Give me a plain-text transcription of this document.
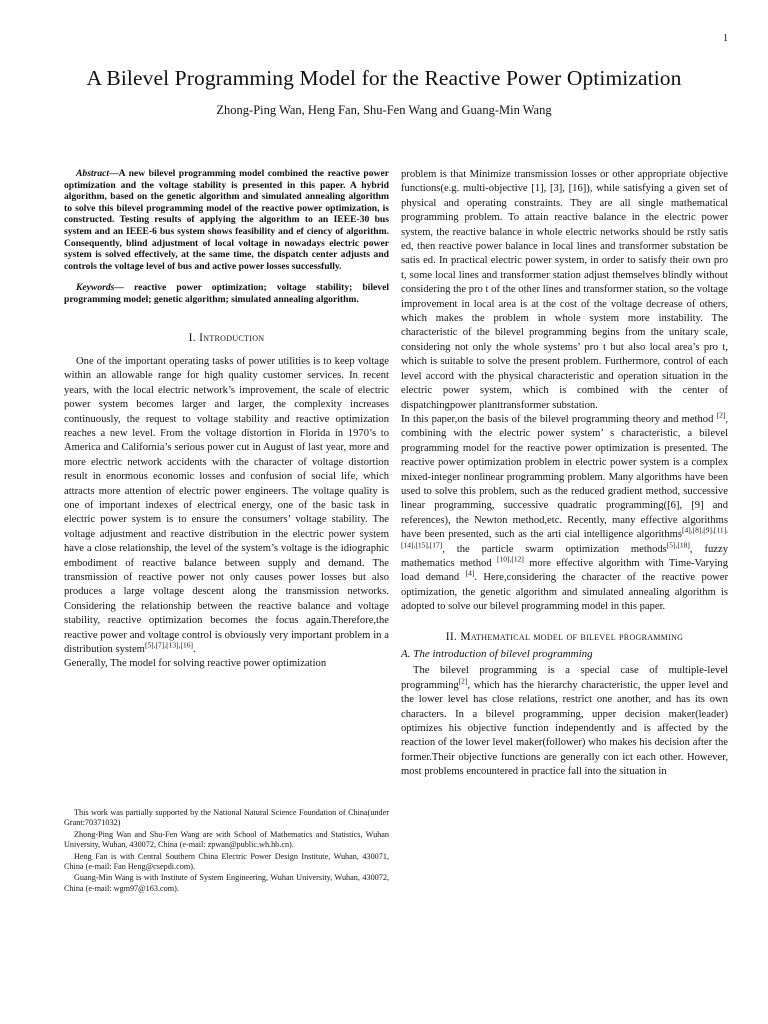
1
A Bilevel Programming Model for the Reactive Power Optimization
Zhong-Ping Wan, Heng Fan, Shu-Fen Wang and Guang-Min Wang

Abstract—A new bilevel programming model combined the reactive power optimization and the voltage stability is presented in this paper. A hybrid algorithm, based on the genetic algorithm and simulated annealing algorithm to solve this bilevel programming model of the reactive power optimization, is constructed. Testing results of applying the algorithm to an IEEE-30 bus system and an IEEE-6 bus system shows feasibility and ef ciency of algorithm. Consequently, blind adjustment of local voltage in nowadays electric power system is solved effectively, at the same time, the dispatch center adjusts and controls the voltage level of bus and active power losses successfully.

Keywords— reactive power optimization; voltage stability; bilevel programming model; genetic algorithm; simulated annealing algorithm.

I. Introduction

One of the important operating tasks of power utilities is to keep voltage within an allowable range for high quality customer services. In recent years, with the local electric network’s improvement, the scale of electric power system becomes larger and larger, the complexity increases continuously, the request to voltage stability and reactive optimization reaches a new level. From the voltage distortion in Florida in 1970’s to America and California’s serious power cut in August of last year, more and more electric network accidents with the character of voltage distortion result in enormous economic losses and confusion of social life, which attracts more attention of electric power engineers. The voltage quality is one of important indexes of electrical energy, one of the basic task in electric power system is to ensure the consumers’ voltage stability. The voltage adjustment and reactive distribution in the electric power system have a close relationship, the level of the system’s voltage is the idiographic embodiment of reactive balance between supply and demand. The transmission of reactive power not only causes power losses but also produces a large voltage descent along the transmission networks. Considering the relationship between the reactive balance and voltage stability, reactive optimization becomes the focus again.Therefore,the reactive power and voltage control is obviously very important problem in a distribution system[5],[7],[13],[16].

Generally, The model for solving reactive power optimization

This work was partially supported by the National Natural Science Foundation of China(under Grant:70371032)

Zhong-Ping Wan and Shu-Fen Wang are with School of Mathematics and Statistics, Wuhan University, Wuhan, 430072, China (e-mail: zpwan@public.wh.hb.cn).

Heng Fan is with Central Southern China Electric Power Design Institute, Wuhan, 430071, China (e-mail: Fan Heng@csepdi.com).

Guang-Min Wang is with Institute of System Engineering, Wuhan University, Wuhan, 430072, China (e-mail: wgm97@163.com).

problem is that Minimize transmission losses or other appropriate objective functions(e.g. multi-objective [1], [3], [16]), while satisfying a given set of physical and operating constraints. They are all single mathematical programming problem. To attain reactive balance in the electric power system, the reactive balance in whole electric networks should be rstly satis ed, then reactive power balance in local lines and transformer substation be satis ed. In practical electric power system, in order to satisfy their own pro t, some local lines and transformer station adjust themselves blindly without considering the pro t of the other lines and transformer station, so the voltage improvement in local area is at the cost of the voltage decrease of others, which makes the problem in whole system more instability. The characteristic of the bilevel programming begins from the unitary scale, considering not only the whole systems’ pro t but also local area’s pro t, which is suitable to solve the present problem. Furthermore, control of each level accord with the physical characteristic and operation situation in the electric power system, which is combined with the center of dispatchingpower planttransformer substation.

In this paper,on the basis of the bilevel programming theory and method [2], combining with the electric power system’ s characteristic, a bilevel programming model for the reactive power optimization is presented. The reactive power optimization problem in electric power system is a complex mixed-integer nonlinear programming problem. Many algorithms have been used to solve this problem, such as the reduced gradient method, successive linear programming, successive quadratic programming([6], [9] and references), the Newton method,etc. Recently, many effective algorithms have been presented, such as the arti cial intelligence algorithms[4],[8],[9],[11],[14],[15],[17], the particle swarm optimization methods[5],[18], fuzzy mathematics method [10],[12] more effective algorithm with Time-Varying load demand [4]. Here,considering the character of the reactive power optimization, the genetic algorithm and simulated annealing algorithm is adopted to solve our bilevel programming model in this paper.

II. Mathematical model of bilevel programming
A. The introduction of bilevel programming

The bilevel programming is a special case of multiple-level programming[2], which has the hierarchy characteristic, the upper level and the lower level has close relations, restrict one another, and has its own characters. In a bilevel programming, upper decision maker(leader) optimizes his objective function independently and is affected by the reaction of the lower level maker(follower) who makes his decision after the former.Their objective functions are generally con ict each other. However, most problems encountered in practice fall into the situation in
